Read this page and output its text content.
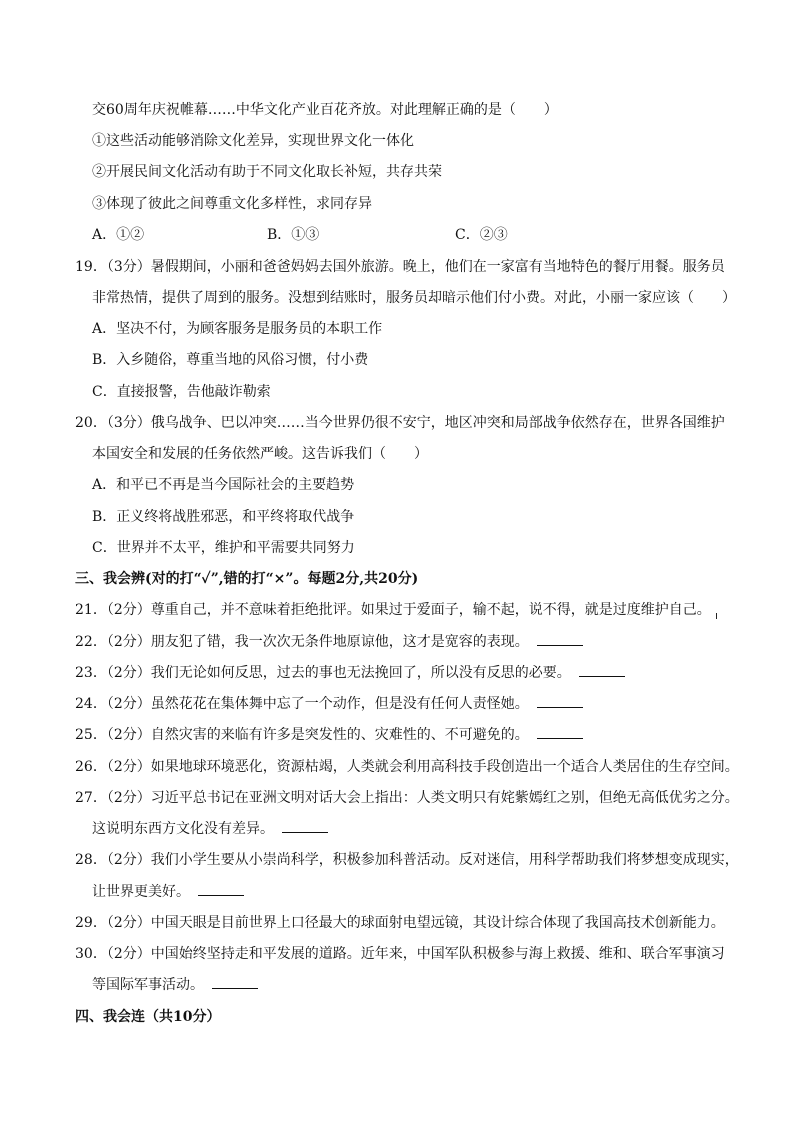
交60周年庆祝帷幕……中华文化产业百花齐放。对此理解正确的是（　　）
①这些活动能够消除文化差异，实现世界文化一体化
②开展民间文化活动有助于不同文化取长补短，共存共荣
③体现了彼此之间尊重文化多样性，求同存异
A．①②	B．①③	C．②③
19．（3分）暑假期间，小丽和爸爸妈妈去国外旅游。晚上，他们在一家富有当地特色的餐厅用餐。服务员
非常热情，提供了周到的服务。没想到结账时，服务员却暗示他们付小费。对此，小丽一家应该（　　）
A．坚决不付，为顾客服务是服务员的本职工作
B．入乡随俗，尊重当地的风俗习惯，付小费
C．直接报警，告他敲诈勒索
20．（3分）俄乌战争、巴以冲突……当今世界仍很不安宁，地区冲突和局部战争依然存在，世界各国维护
本国安全和发展的任务依然严峻。这告诉我们（　　）
A．和平已不再是当今国际社会的主要趋势
B．正义终将战胜邪恶，和平终将取代战争
C．世界并不太平，维护和平需要共同努力
三、我会辨(对的打“✓”,错的打“×”。每题2分,共20分)
21．（2分）尊重自己，并不意味着拒绝批评。如果过于爱面子，输不起，说不得，就是过度维护自己。
22．（2分）朋友犯了错，我一次次无条件地原谅他，这才是宽容的表现。
23．（2分）我们无论如何反思，过去的事也无法挽回了，所以没有反思的必要。
24．（2分）虽然花花在集体舞中忘了一个动作，但是没有任何人责怪她。
25．（2分）自然灾害的来临有许多是突发性的、灾难性的、不可避免的。
26．（2分）如果地球环境恶化，资源枯竭，人类就会利用高科技手段创造出一个适合人类居住的生存空间。
27．（2分）习近平总书记在亚洲文明对话大会上指出：人类文明只有姹紫嫣红之别，但绝无高低优劣之分。
这说明东西方文化没有差异。
28．（2分）我们小学生要从小崇尚科学，积极参加科普活动。反对迷信，用科学帮助我们将梦想变成现实，
让世界更美好。
29．（2分）中国天眼是目前世界上口径最大的球面射电望远镜，其设计综合体现了我国高技术创新能力。
30．（2分）中国始终坚持走和平发展的道路。近年来，中国军队积极参与海上救援、维和、联合军事演习
等国际军事活动。
四、我会连（共10分）
